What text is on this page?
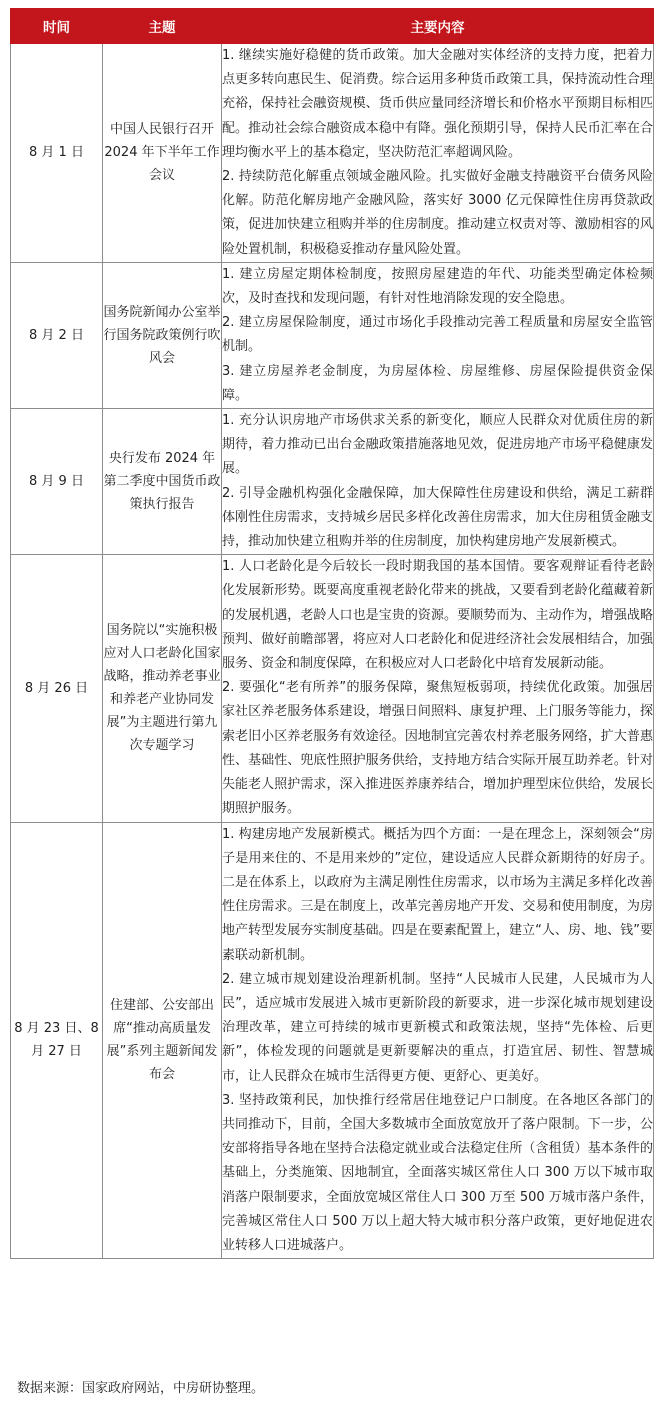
时间	主题	主要内容
8 月 1 日	中国人民银行召开 2024 年下半年工作会议	1. 继续实施好稳健的货币政策。加大金融对实体经济的支持力度，把着力点更多转向惠民生、促消费。综合运用多种货币政策工具，保持流动性合理充裕，保持社会融资规模、货币供应量同经济增长和价格水平预期目标相匹配。推动社会综合融资成本稳中有降。强化预期引导，保持人民币汇率在合理均衡水平上的基本稳定，坚决防范汇率超调风险。

2. 持续防范化解重点领域金融风险。扎实做好金融支持融资平台债务风险化解。防范化解房地产金融风险，落实好 3000 亿元保障性住房再贷款政策，促进加快建立租购并举的住房制度。推动建立权责对等、激励相容的风险处置机制，积极稳妥推动存量风险处置。

8 月 2 日	国务院新闻办公室举行国务院政策例行吹风会	1. 建立房屋定期体检制度，按照房屋建造的年代、功能类型确定体检频次，及时查找和发现问题，有针对性地消除发现的安全隐患。

2. 建立房屋保险制度，通过市场化手段推动完善工程质量和房屋安全监管机制。

3. 建立房屋养老金制度，为房屋体检、房屋维修、房屋保险提供资金保障。

8 月 9 日	央行发布 2024 年第二季度中国货币政策执行报告	1. 充分认识房地产市场供求关系的新变化，顺应人民群众对优质住房的新期待，着力推动已出台金融政策措施落地见效，促进房地产市场平稳健康发展。

2. 引导金融机构强化金融保障，加大保障性住房建设和供给，满足工薪群体刚性住房需求，支持城乡居民多样化改善住房需求，加大住房租赁金融支持，推动加快建立租购并举的住房制度，加快构建房地产发展新模式。

8 月 26 日	国务院以“实施积极应对人口老龄化国家战略，推动养老事业和养老产业协同发展”为主题进行第九次专题学习	1. 人口老龄化是今后较长一段时期我国的基本国情。要客观辩证看待老龄化发展新形势。既要高度重视老龄化带来的挑战，又要看到老龄化蕴藏着新的发展机遇，老龄人口也是宝贵的资源。要顺势而为、主动作为，增强战略预判、做好前瞻部署，将应对人口老龄化和促进经济社会发展相结合，加强服务、资金和制度保障，在积极应对人口老龄化中培育发展新动能。

2. 要强化“老有所养”的服务保障，聚焦短板弱项，持续优化政策。加强居家社区养老服务体系建设，增强日间照料、康复护理、上门服务等能力，探索老旧小区养老服务有效途径。因地制宜完善农村养老服务网络，扩大普惠性、基础性、兜底性照护服务供给，支持地方结合实际开展互助养老。针对失能老人照护需求，深入推进医养康养结合，增加护理型床位供给，发展长期照护服务。

8 月 23 日、8 月 27 日	住建部、公安部出席“推动高质量发展”系列主题新闻发布会	1. 构建房地产发展新模式。概括为四个方面：一是在理念上，深刻领会“房子是用来住的、不是用来炒的”定位，建设适应人民群众新期待的好房子。二是在体系上，以政府为主满足刚性住房需求，以市场为主满足多样化改善性住房需求。三是在制度上，改革完善房地产开发、交易和使用制度，为房地产转型发展夯实制度基础。四是在要素配置上，建立“人、房、地、钱”要素联动新机制。

2. 建立城市规划建设治理新机制。坚持“人民城市人民建，人民城市为人民”，适应城市发展进入城市更新阶段的新要求，进一步深化城市规划建设治理改革，建立可持续的城市更新模式和政策法规，坚持“先体检、后更新”，体检发现的问题就是更新要解决的重点，打造宜居、韧性、智慧城市，让人民群众在城市生活得更方便、更舒心、更美好。

3. 坚持政策利民，加快推行经常居住地登记户口制度。在各地区各部门的共同推动下，目前，全国大多数城市全面放宽放开了落户限制。下一步，公安部将指导各地在坚持合法稳定就业或合法稳定住所（含租赁）基本条件的基础上，分类施策、因地制宜，全面落实城区常住人口 300 万以下城市取消落户限制要求，全面放宽城区常住人口 300 万至 500 万城市落户条件，完善城区常住人口 500 万以上超大特大城市积分落户政策，更好地促进农业转移人口进城落户。

数据来源：国家政府网站，中房研协整理。
